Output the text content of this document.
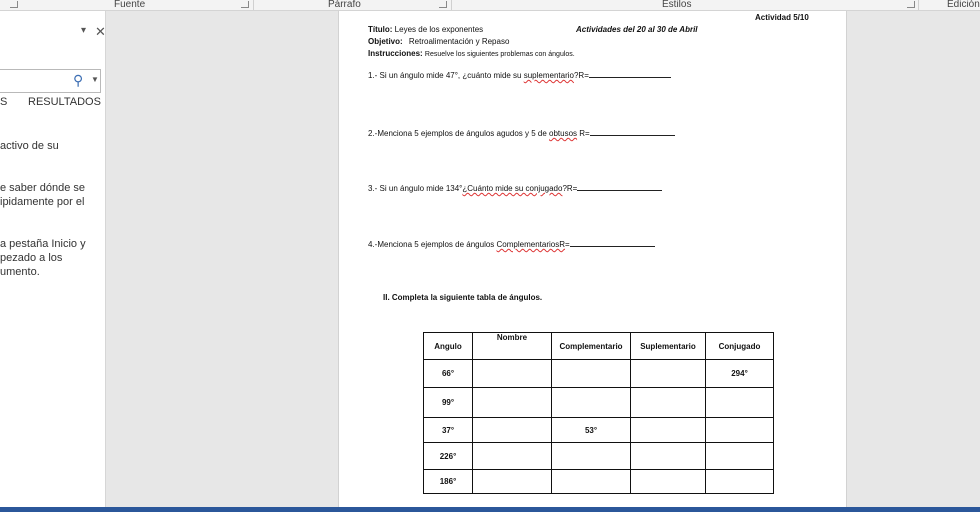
Fuente	Párrafo	Estilos	Edición
▾ ✕
⚲ ▼
S RESULTADOS
activo de su
e saber dónde se
ipidamente por el
a pestaña Inicio y
pezado a los
umento.
Actividad 5/10
Título: Leyes de los exponentes	Actividades del 20 al 30 de Abril
Objetivo: Retroalimentación y Repaso
Instrucciones: Resuelve los siguientes problemas con ángulos.
1.- Si un ángulo mide 47°, ¿cuánto mide su suplementario?R=
2.-Menciona 5 ejemplos de ángulos agudos y 5 de obtusos R=
3.- Si un ángulo mide 134°¿Cuánto mide su conjugado?R=
4.-Menciona 5 ejemplos de ángulos ComplementariosR=
II. Completa la siguiente tabla de ángulos.
Angulo	Nombre	Complementario	Suplementario	Conjugado
66°				294°
99°				
37°		53°		
226°				
186°				
